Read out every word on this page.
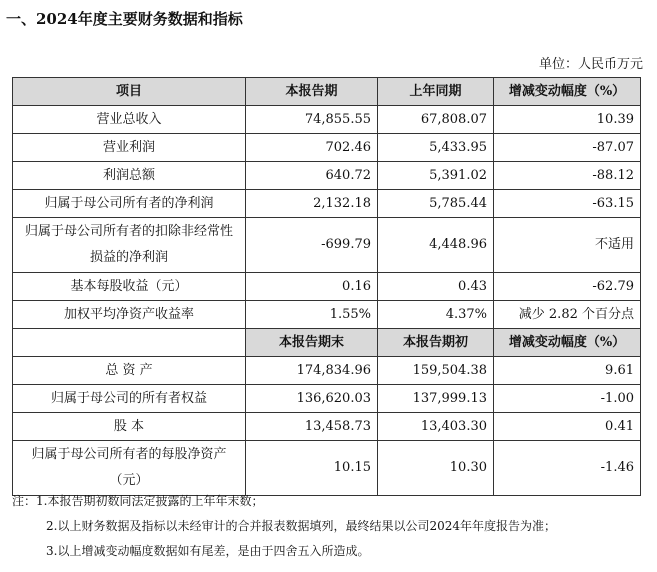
一、2024年度主要财务数据和指标
单位：人民币万元
项目	本报告期	上年同期	增减变动幅度（%）
营业总收入	74,855.55	67,808.07	10.39
营业利润	702.46	5,433.95	-87.07
利润总额	640.72	5,391.02	-88.12
归属于母公司所有者的净利润	2,132.18	5,785.44	-63.15
归属于母公司所有者的扣除非经常性损益的净利润	-699.79	4,448.96	不适用
基本每股收益（元）	0.16	0.43	-62.79
加权平均净资产收益率	1.55%	4.37%	减少 2.82 个百分点
	本报告期末	本报告期初	增减变动幅度（%）
总 资 产	174,834.96	159,504.38	9.61
归属于母公司的所有者权益	136,620.03	137,999.13	-1.00
股 本	13,458.73	13,403.30	0.41
归属于母公司所有者的每股净资产（元）	10.15	10.30	-1.46
注：1.本报告期初数同法定披露的上年年末数；
2.以上财务数据及指标以未经审计的合并报表数据填列，最终结果以公司2024年年度报告为准；
3.以上增减变动幅度数据如有尾差，是由于四舍五入所造成。
